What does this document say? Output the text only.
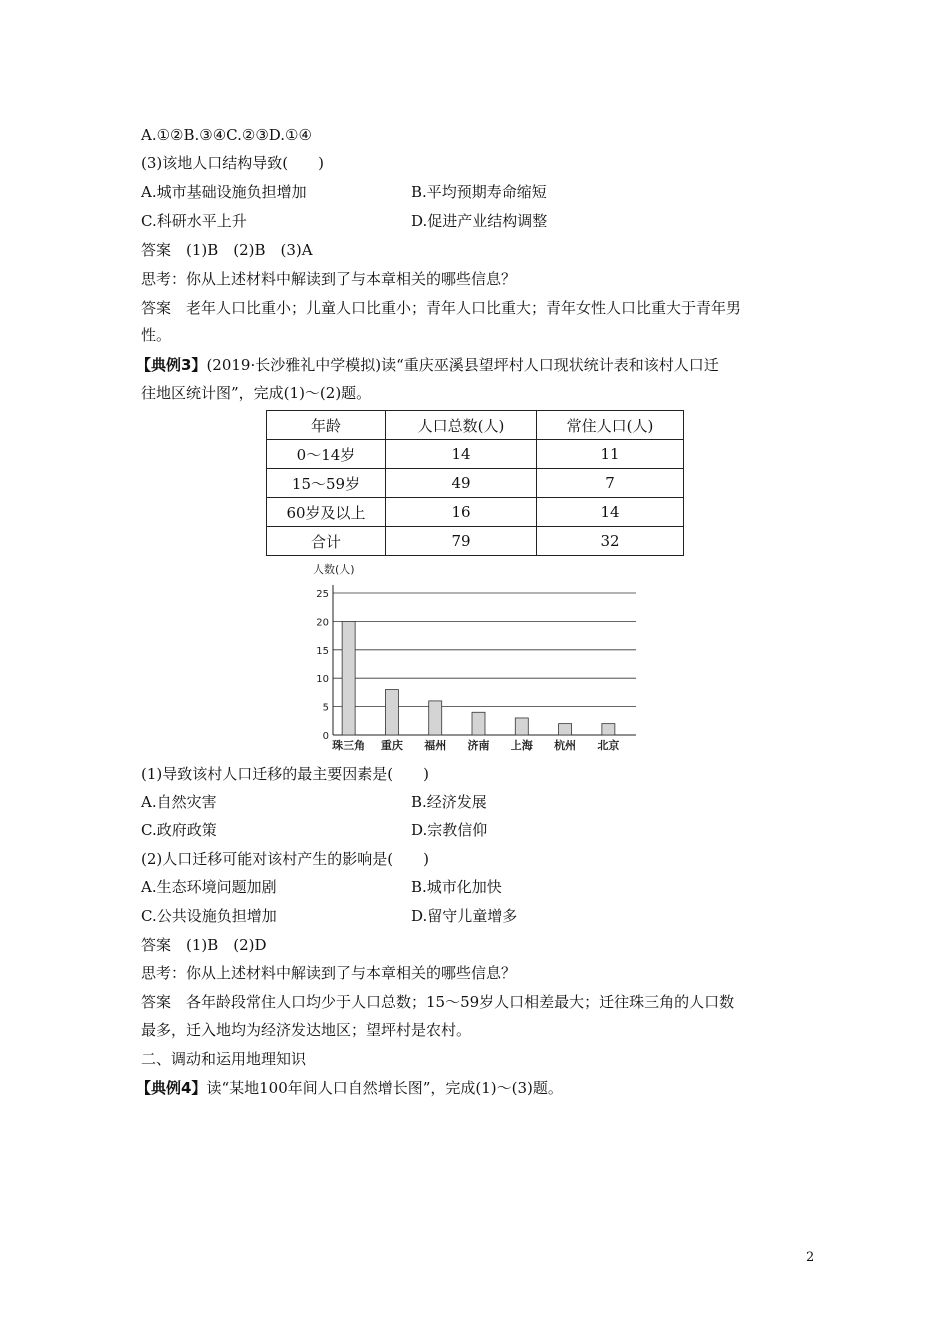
A.①②B.③④C.②③D.①④
(3)该地人口结构导致(　　)
A.城市基础设施负担增加	B.平均预期寿命缩短
C.科研水平上升	D.促进产业结构调整
答案　(1)B　(2)B　(3)A
思考：你从上述材料中解读到了与本章相关的哪些信息？
答案　老年人口比重小；儿童人口比重小；青年人口比重大；青年女性人口比重大于青年男
性。
【典例3】(2019·长沙雅礼中学模拟)读“重庆巫溪县望坪村人口现状统计表和该村人口迁
往地区统计图”，完成(1)～(2)题。
年龄	人口总数(人)	常住人口(人)
0～14岁	14	11
15～59岁	49	7
60岁及以上	16	14
合计	79	32
人数(人)
0
5
10
15
20
25
珠三角 重庆 福州 济南 上海 杭州 北京
(1)导致该村人口迁移的最主要因素是(　　)
A.自然灾害	B.经济发展
C.政府政策	D.宗教信仰
(2)人口迁移可能对该村产生的影响是(　　)
A.生态环境问题加剧	B.城市化加快
C.公共设施负担增加	D.留守儿童增多
答案　(1)B　(2)D
思考：你从上述材料中解读到了与本章相关的哪些信息？
答案　各年龄段常住人口均少于人口总数；15～59岁人口相差最大；迁往珠三角的人口数
最多，迁入地均为经济发达地区；望坪村是农村。
二、调动和运用地理知识
【典例4】读“某地100年间人口自然增长图”，完成(1)～(3)题。
2
